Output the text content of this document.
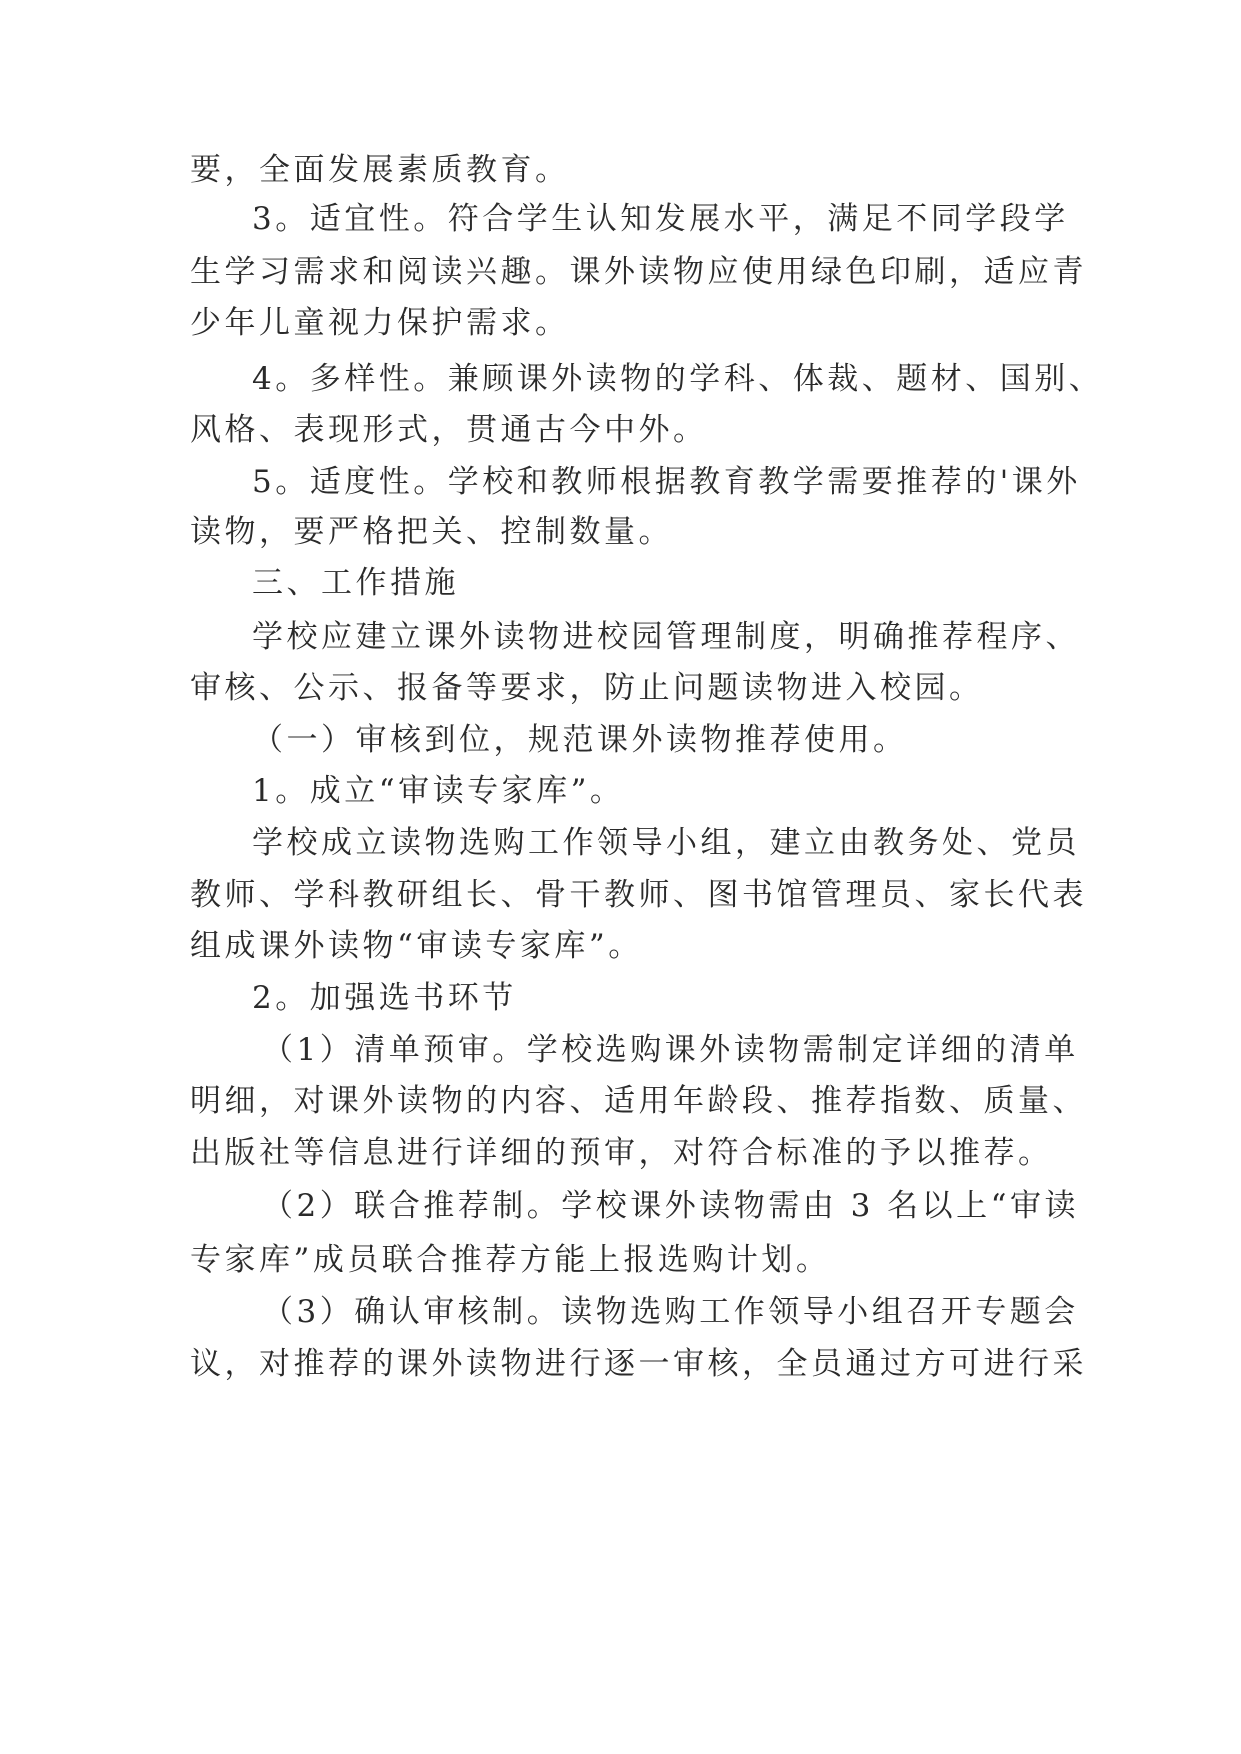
要，全面发展素质教育。
3。适宜性。符合学生认知发展水平，满足不同学段学
生学习需求和阅读兴趣。课外读物应使用绿色印刷，适应青
少年儿童视力保护需求。
4。多样性。兼顾课外读物的学科、体裁、题材、国别、
风格、表现形式，贯通古今中外。
5。适度性。学校和教师根据教育教学需要推荐的'课外
读物，要严格把关、控制数量。
三、工作措施
学校应建立课外读物进校园管理制度，明确推荐程序、
审核、公示、报备等要求，防止问题读物进入校园。
（一）审核到位，规范课外读物推荐使用。
1。成立“审读专家库”。
学校成立读物选购工作领导小组，建立由教务处、党员
教师、学科教研组长、骨干教师、图书馆管理员、家长代表
组成课外读物“审读专家库”。
2。加强选书环节
（1）清单预审。学校选购课外读物需制定详细的清单
明细，对课外读物的内容、适用年龄段、推荐指数、质量、
出版社等信息进行详细的预审，对符合标准的予以推荐。
（2）联合推荐制。学校课外读物需由 3 名以上“审读
专家库”成员联合推荐方能上报选购计划。
（3）确认审核制。读物选购工作领导小组召开专题会
议，对推荐的课外读物进行逐一审核，全员通过方可进行采
